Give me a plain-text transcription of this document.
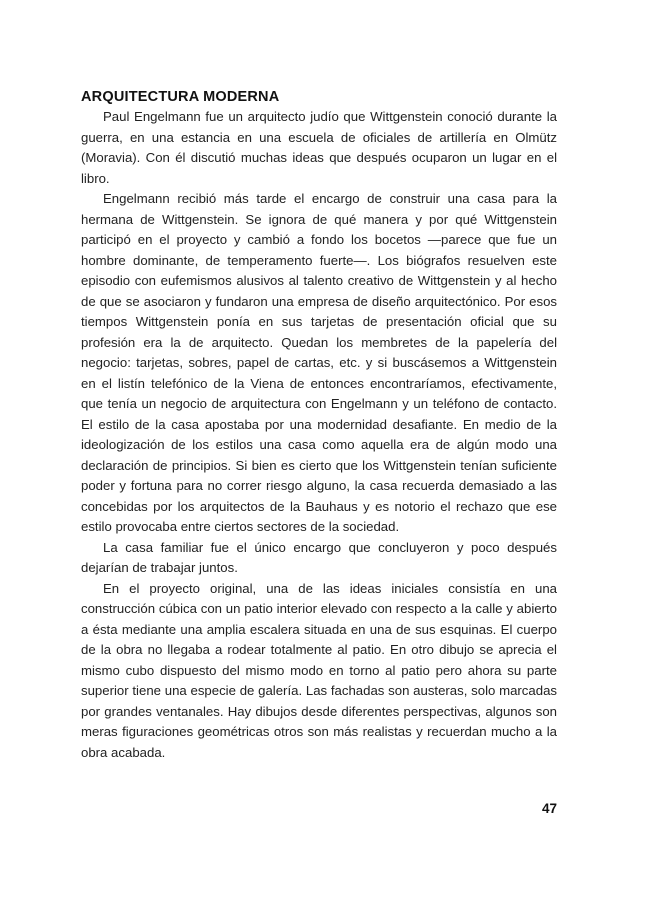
ARQUITECTURA MODERNA

Paul Engelmann fue un arquitecto judío que Wittgenstein conoció durante la guerra, en una estancia en una escuela de oficiales de artillería en Olmütz (Moravia). Con él discutió muchas ideas que después ocuparon un lugar en el libro.

Engelmann recibió más tarde el encargo de construir una casa para la hermana de Wittgenstein. Se ignora de qué manera y por qué Wittgenstein participó en el proyecto y cambió a fondo los bocetos —parece que fue un hombre dominante, de temperamento fuerte—. Los biógrafos resuelven este episodio con eufemismos alusivos al talento creativo de Wittgenstein y al hecho de que se asociaron y fundaron una empresa de diseño arquitectónico. Por esos tiempos Wittgenstein ponía en sus tarjetas de presentación oficial que su profesión era la de arquitecto. Quedan los membretes de la papelería del negocio: tarjetas, sobres, papel de cartas, etc. y si buscásemos a Wittgenstein en el listín telefónico de la Viena de entonces encontraríamos, efectivamente, que tenía un negocio de arquitectura con Engelmann y un teléfono de contacto. El estilo de la casa apostaba por una modernidad desafiante. En medio de la ideologización de los estilos una casa como aquella era de algún modo una declaración de principios. Si bien es cierto que los Wittgenstein tenían suficiente poder y fortuna para no correr riesgo alguno, la casa recuerda demasiado a las concebidas por los arquitectos de la Bauhaus y es notorio el rechazo que ese estilo provocaba entre ciertos sectores de la sociedad.

La casa familiar fue el único encargo que concluyeron y poco después dejarían de trabajar juntos.

En el proyecto original, una de las ideas iniciales consistía en una construcción cúbica con un patio interior elevado con respecto a la calle y abierto a ésta mediante una amplia escalera situada en una de sus esquinas. El cuerpo de la obra no llegaba a rodear totalmente al patio. En otro dibujo se aprecia el mismo cubo dispuesto del mismo modo en torno al patio pero ahora su parte superior tiene una especie de galería. Las fachadas son austeras, solo marcadas por grandes ventanales. Hay dibujos desde diferentes perspectivas, algunos son meras figuraciones geométricas otros son más realistas y recuerdan mucho a la obra acabada.

47
